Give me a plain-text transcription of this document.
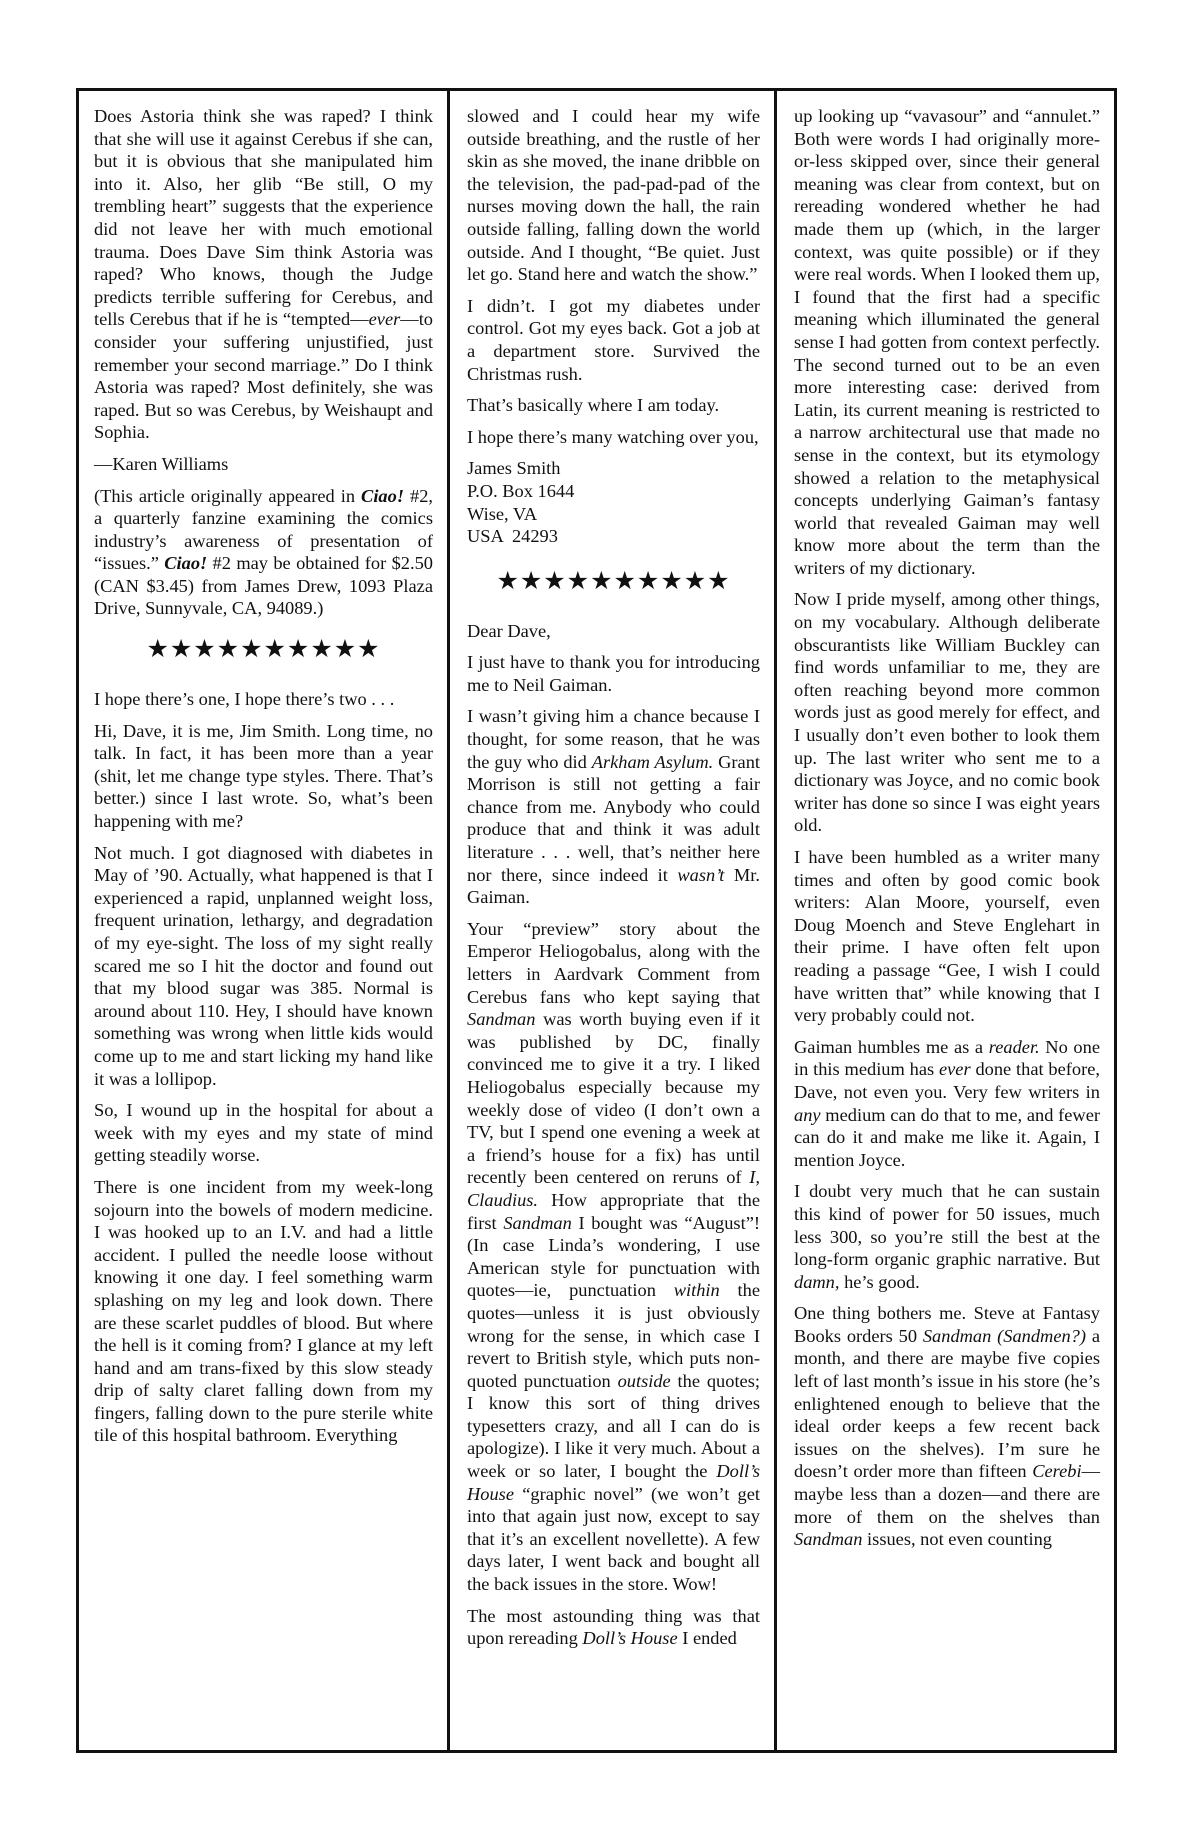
Does Astoria think she was raped? I think that she will use it against Cerebus if she can, but it is obvious that she manipulated him into it. Also, her glib “Be still, O my trembling heart” suggests that the experience did not leave her with much emotional trauma. Does Dave Sim think Astoria was raped? Who knows, though the Judge predicts terrible suffering for Cerebus, and tells Cerebus that if he is “tempted—ever—to consider your suffering unjustified, just remember your second marriage.” Do I think Astoria was raped? Most definitely, she was raped. But so was Cerebus, by Weishaupt and Sophia.

—Karen Williams

(This article originally appeared in Ciao! #2, a quarterly fanzine examining the comics industry’s awareness of presentation of “issues.” Ciao! #2 may be obtained for $2.50 (CAN $3.45) from James Drew, 1093 Plaza Drive, Sunnyvale, CA, 94089.)

★★★★★★★★★★

I hope there’s one, I hope there’s two . . .

Hi, Dave, it is me, Jim Smith. Long time, no talk. In fact, it has been more than a year (shit, let me change type styles. There. That’s better.) since I last wrote. So, what’s been happening with me?

Not much. I got diagnosed with diabetes in May of ’90. Actually, what happened is that I experienced a rapid, unplanned weight loss, frequent urination, lethargy, and degradation of my eye-sight. The loss of my sight really scared me so I hit the doctor and found out that my blood sugar was 385. Normal is around about 110. Hey, I should have known something was wrong when little kids would come up to me and start licking my hand like it was a lollipop.

So, I wound up in the hospital for about a week with my eyes and my state of mind getting steadily worse.

There is one incident from my week-long sojourn into the bowels of modern medicine. I was hooked up to an I.V. and had a little accident. I pulled the needle loose without knowing it one day. I feel something warm splashing on my leg and look down. There are these scarlet puddles of blood. But where the hell is it coming from? I glance at my left hand and am trans-fixed by this slow steady drip of salty claret falling down from my fingers, falling down to the pure sterile white tile of this hospital bathroom. Everything

slowed and I could hear my wife outside breathing, and the rustle of her skin as she moved, the inane dribble on the television, the pad-pad-pad of the nurses moving down the hall, the rain outside falling, falling down the world outside. And I thought, “Be quiet. Just let go. Stand here and watch the show.”

I didn’t. I got my diabetes under control. Got my eyes back. Got a job at a department store. Survived the Christmas rush.

That’s basically where I am today.

I hope there’s many watching over you,

James Smith
P.O. Box 1644
Wise, VA
USA  24293
★★★★★★★★★★

Dear Dave,

I just have to thank you for introducing me to Neil Gaiman.

I wasn’t giving him a chance because I thought, for some reason, that he was the guy who did Arkham Asylum. Grant Morrison is still not getting a fair chance from me. Anybody who could produce that and think it was adult literature . . . well, that’s neither here nor there, since indeed it wasn’t Mr. Gaiman.

Your “preview” story about the Emperor Heliogobalus, along with the letters in Aardvark Comment from Cerebus fans who kept saying that Sandman was worth buying even if it was published by DC, finally convinced me to give it a try. I liked Heliogobalus especially because my weekly dose of video (I don’t own a TV, but I spend one evening a week at a friend’s house for a fix) has until recently been centered on reruns of I, Claudius. How appropriate that the first Sandman I bought was “August”! (In case Linda’s wondering, I use American style for punctuation with quotes—ie, punctuation within the quotes—unless it is just obviously wrong for the sense, in which case I revert to British style, which puts non-quoted punctuation outside the quotes; I know this sort of thing drives typesetters crazy, and all I can do is apologize). I like it very much. About a week or so later, I bought the Doll’s House “graphic novel” (we won’t get into that again just now, except to say that it’s an excellent novellette). A few days later, I went back and bought all the back issues in the store. Wow!

The most astounding thing was that upon rereading Doll’s House I ended

up looking up “vavasour” and “annulet.” Both were words I had originally more-or-less skipped over, since their general meaning was clear from context, but on rereading wondered whether he had made them up (which, in the larger context, was quite possible) or if they were real words. When I looked them up, I found that the first had a specific meaning which illuminated the general sense I had gotten from context perfectly. The second turned out to be an even more interesting case: derived from Latin, its current meaning is restricted to a narrow architectural use that made no sense in the context, but its etymology showed a relation to the metaphysical concepts underlying Gaiman’s fantasy world that revealed Gaiman may well know more about the term than the writers of my dictionary.

Now I pride myself, among other things, on my vocabulary. Although deliberate obscurantists like William Buckley can find words unfamiliar to me, they are often reaching beyond more common words just as good merely for effect, and I usually don’t even bother to look them up. The last writer who sent me to a dictionary was Joyce, and no comic book writer has done so since I was eight years old.

I have been humbled as a writer many times and often by good comic book writers: Alan Moore, yourself, even Doug Moench and Steve Englehart in their prime. I have often felt upon reading a passage “Gee, I wish I could have written that” while knowing that I very probably could not.

Gaiman humbles me as a reader. No one in this medium has ever done that before, Dave, not even you. Very few writers in any medium can do that to me, and fewer can do it and make me like it. Again, I mention Joyce.

I doubt very much that he can sustain this kind of power for 50 issues, much less 300, so you’re still the best at the long-form organic graphic narrative. But damn, he’s good.

One thing bothers me. Steve at Fantasy Books orders 50 Sandman (Sandmen?) a month, and there are maybe five copies left of last month’s issue in his store (he’s enlightened enough to believe that the ideal order keeps a few recent back issues on the shelves). I’m sure he doesn’t order more than fifteen Cerebi—maybe less than a dozen—and there are more of them on the shelves than Sandman issues, not even counting
